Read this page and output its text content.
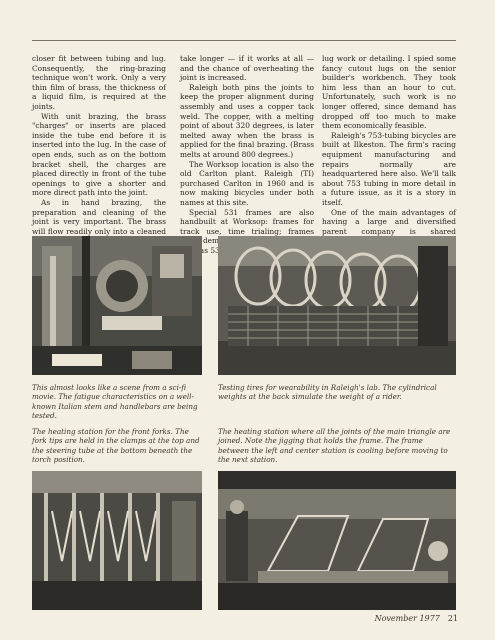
closer fit between tubing and lug. Consequently, the ring-brazing technique won't work. Only a very thin film of brass, the thickness of a liquid film, is required at the joints.

With unit brazing, the brass "charges" or inserts are placed inside the tube end before it is inserted into the lug. In the case of open ends, such as on the bottom bracket shell, the charges are placed directly in front of the tube openings to give a shorter and more direct path into the joint.

As in hand brazing, the preparation and cleaning of the joint is very important. The brass will flow readily only into a cleaned

take longer — if it works at all — and the chance of overheating the joint is increased.

Raleigh both pins the joints to keep the proper alignment during assembly and uses a copper tack weld. The copper, with a melting point of about 320 degrees, is later melted away when the brass is applied for the final brazing. (Brass melts at around 800 degrees.)

The Worksop location is also the old Carlton plant. Raleigh (TI) purchased Carlton in 1960 and is now making bicycles under both names at this site.

Special 531 frames are also handbuilt at Worksop: frames for track use, time trialing; frames as

lug work or detailing. I spied some fancy cutout lugs on the senior builder's workbench. They took him less than an hour to cut. Unfortunately, such work is no longer offered, since demand has dropped off too much to make them economically feasible.

Raleigh's 753-tubing bicycles are built at Ilkeston. The firm's racing equipment manufacturing and repairs normally are headquartered here also. We'll talk about 753 tubing in more detail in a future issue, as it is a story in itself.

One of the main advantages of having a large and diversified parent company is shared

This almost looks like a scene from a sci-fi movie. The fatigue characteristics on a well-known Italian stem and handlebars are being tested.
Testing tires for wearability in Raleigh's lab. The cylindrical weights at the back simulate the weight of a rider.
The heating station for the front forks. The fork tips are held in the clamps at the top and the steering tube at the bottom beneath the torch position.
The heating station where all the joints of the main triangle are joined. Note the jigging that holds the frame. The frame between the left and center station is cooling before moving to the next station.
November 1977 21
